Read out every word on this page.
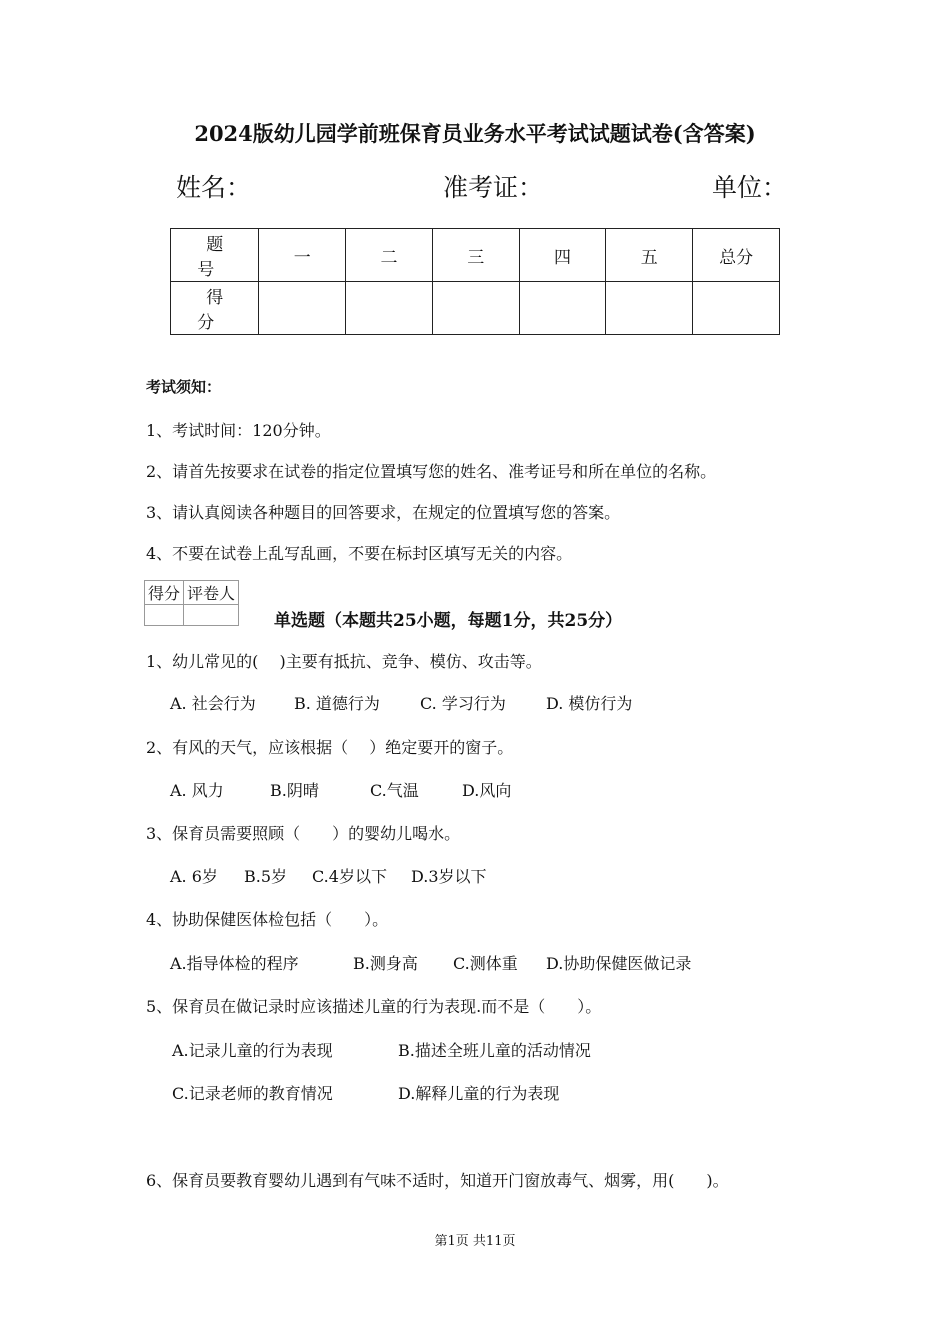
2024版幼儿园学前班保育员业务水平考试试题试卷(含答案)
姓名：	准考证：	单位：
题 号	一	二	三	四	五	总分
得 分						
考试须知：
1、考试时间：120分钟。
2、请首先按要求在试卷的指定位置填写您的姓名、准考证号和所在单位的名称。
3、请认真阅读各种题目的回答要求，在规定的位置填写您的答案。
4、不要在试卷上乱写乱画，不要在标封区填写无关的内容。
得分	评卷人

单选题（本题共25小题，每题1分，共25分）
1、幼儿常见的(　 )主要有抵抗、竞争、模仿、攻击等。
A. 社会行为 B. 道德行为	C. 学习行为	D. 模仿行为
2、有风的天气，应该根据（　 ）绝定要开的窗子。
A. 风力	B.阴晴	C.气温	D.风向
3、保育员需要照顾（　　）的婴幼儿喝水。
A. 6岁 B.5岁 C.4岁以下 D.3岁以下
4、协助保健医体检包括（　　）。
A.指导体检的程序	B.测身高 C.测体重 D.协助保健医做记录
5、保育员在做记录时应该描述儿童的行为表现.而不是（　　）。
A.记录儿童的行为表现	B.描述全班儿童的活动情况
C.记录老师的教育情况	D.解释儿童的行为表现
6、保育员要教育婴幼儿遇到有气味不适时，知道开门窗放毒气、烟雾，用(　　)。
第1页 共11页
